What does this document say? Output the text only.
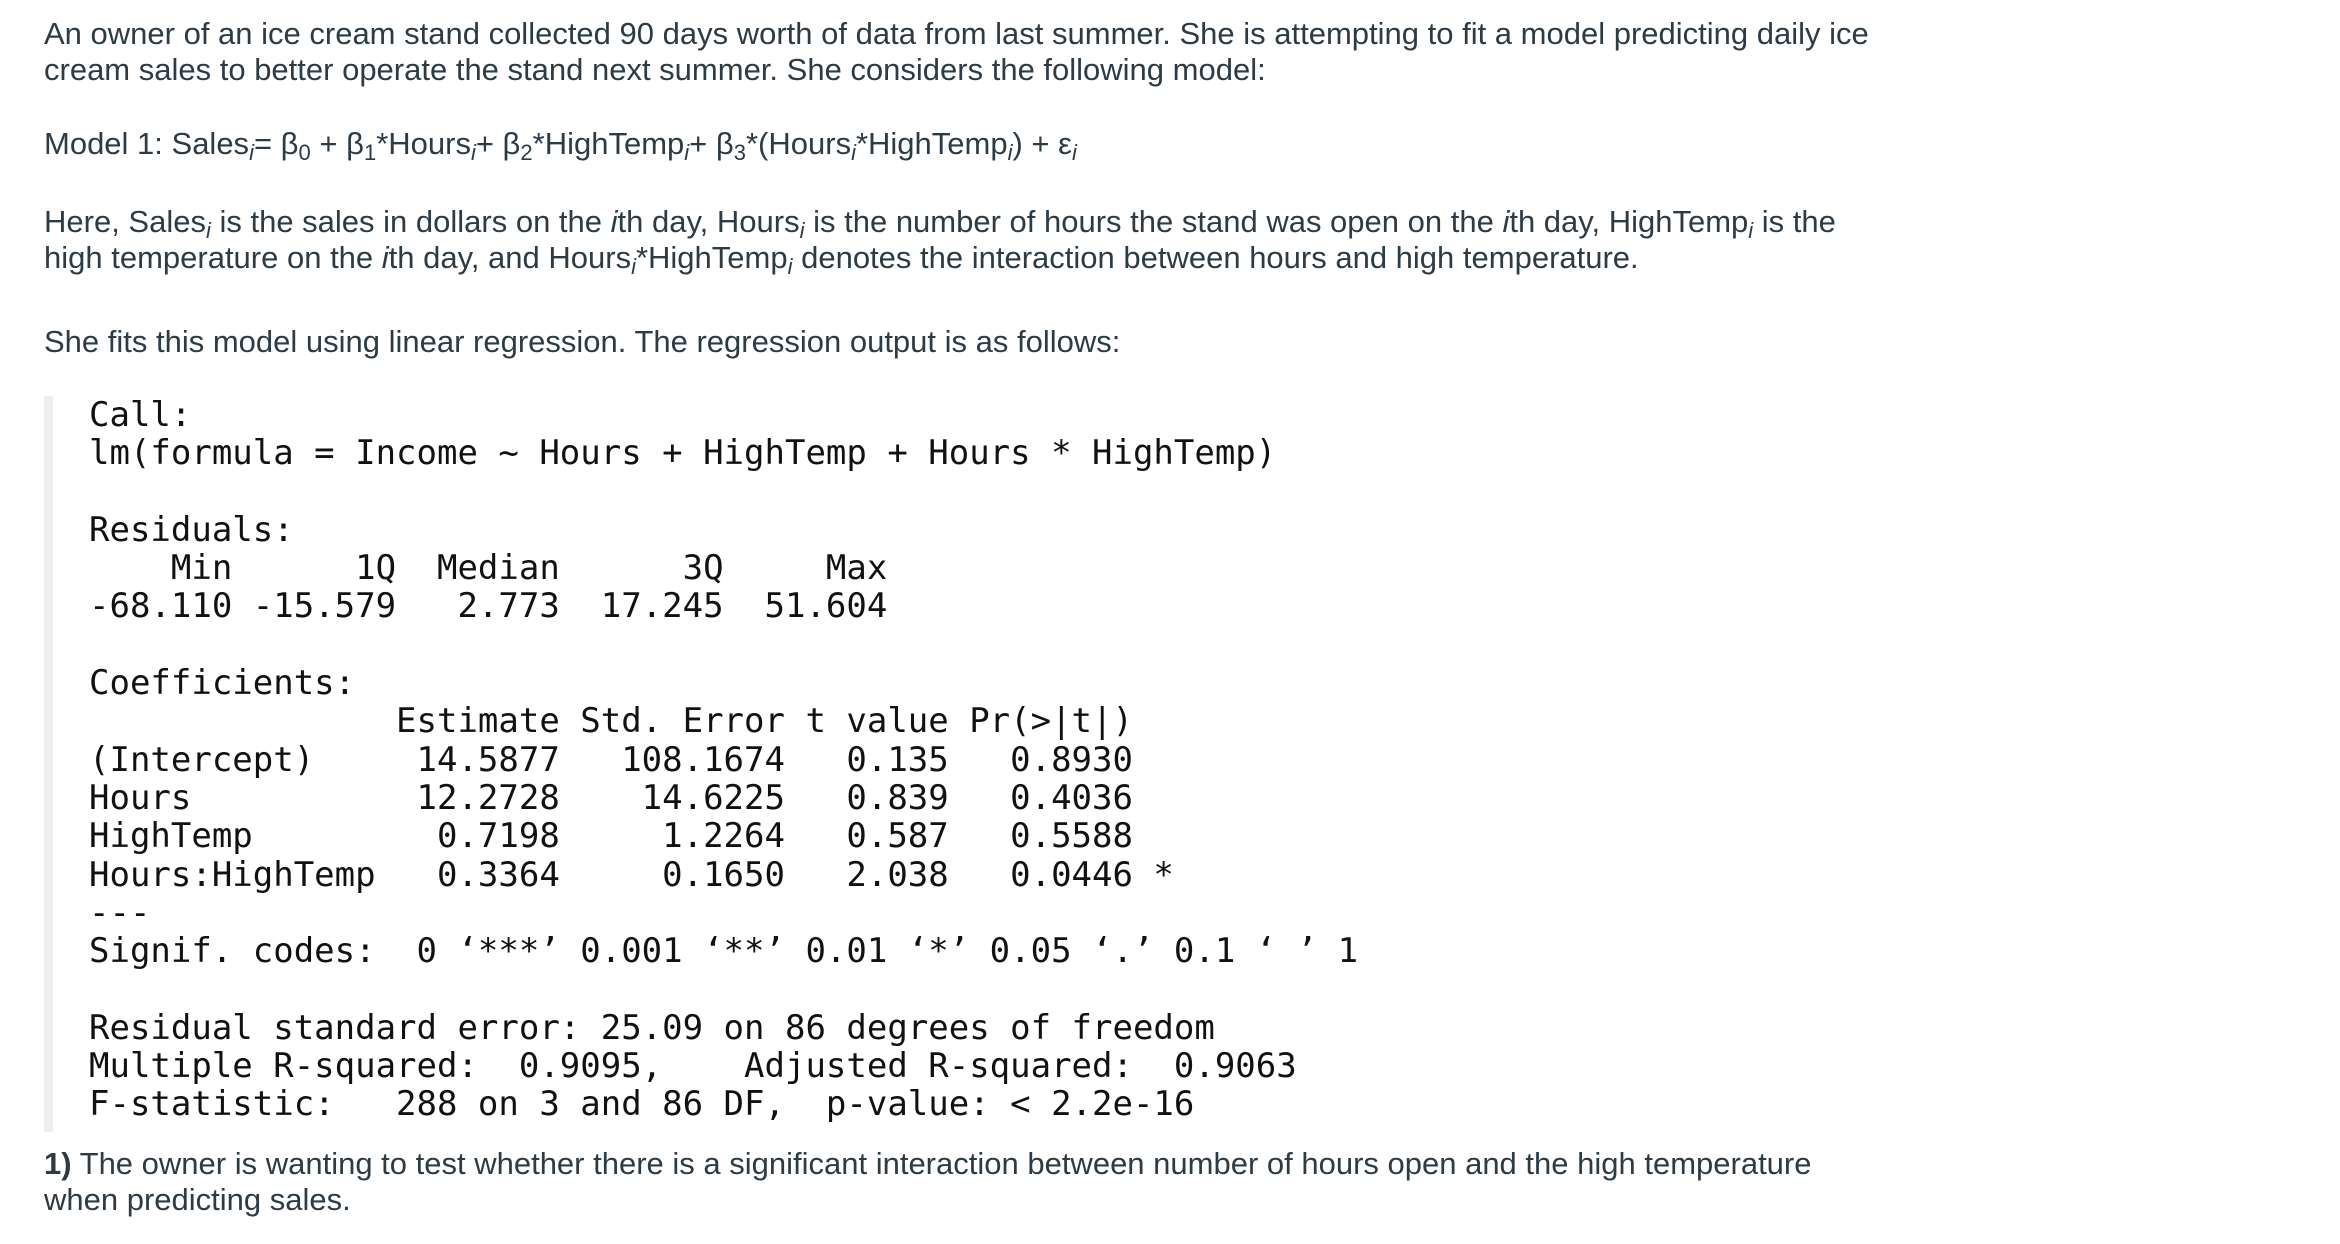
An owner of an ice cream stand collected 90 days worth of data from last summer. She is attempting to fit a model predicting daily ice
cream sales to better operate the stand next summer. She considers the following model:

Model 1: Sales$_i$= $\beta_0$ + $\beta_1*Hours_i+$ $\beta_2*HighTemp_i+$ $\beta_3*(Hours_i*HighTemp_i) + \varepsilon_i$

Here, Sales$_i$ is the sales in dollars on the ith day, Hours$_i$ is the number of hours the stand was open on the ith day, HighTemp$_i$ is the
high temperature on the ith day, and Hours$_i$*HighTemp$_i$ denotes the interaction between hours and high temperature.

She fits this model using linear regression. The regression output is as follows:

Call:
lm(formula = Income ~ Hours + HighTemp + Hours * HighTemp)

Residuals:
Min      1Q  Median      3Q     Max
-68.110 -15.579   2.773  17.245  51.604

Coefficients:
Estimate Std. Error t value Pr(>|t|)
(Intercept)     14.5877   108.1674   0.135   0.8930
Hours           12.2728    14.6225   0.839   0.4036
HighTemp         0.7198     1.2264   0.587   0.5588
Hours:HighTemp   0.3364     0.1650   2.038   0.0446 *
---
Signif. codes:  0 ‘***’ 0.001 ‘**’ 0.01 ‘*’ 0.05 ‘.’ 0.1 ‘ ’ 1

Residual standard error: 25.09 on 86 degrees of freedom
Multiple R-squared:  0.9095,	Adjusted R-squared:  0.9063
F-statistic:   288 on 3 and 86 DF,  p-value: < 2.2e-16

1) The owner is wanting to test whether there is a significant interaction between number of hours open and the high temperature
when predicting sales.
